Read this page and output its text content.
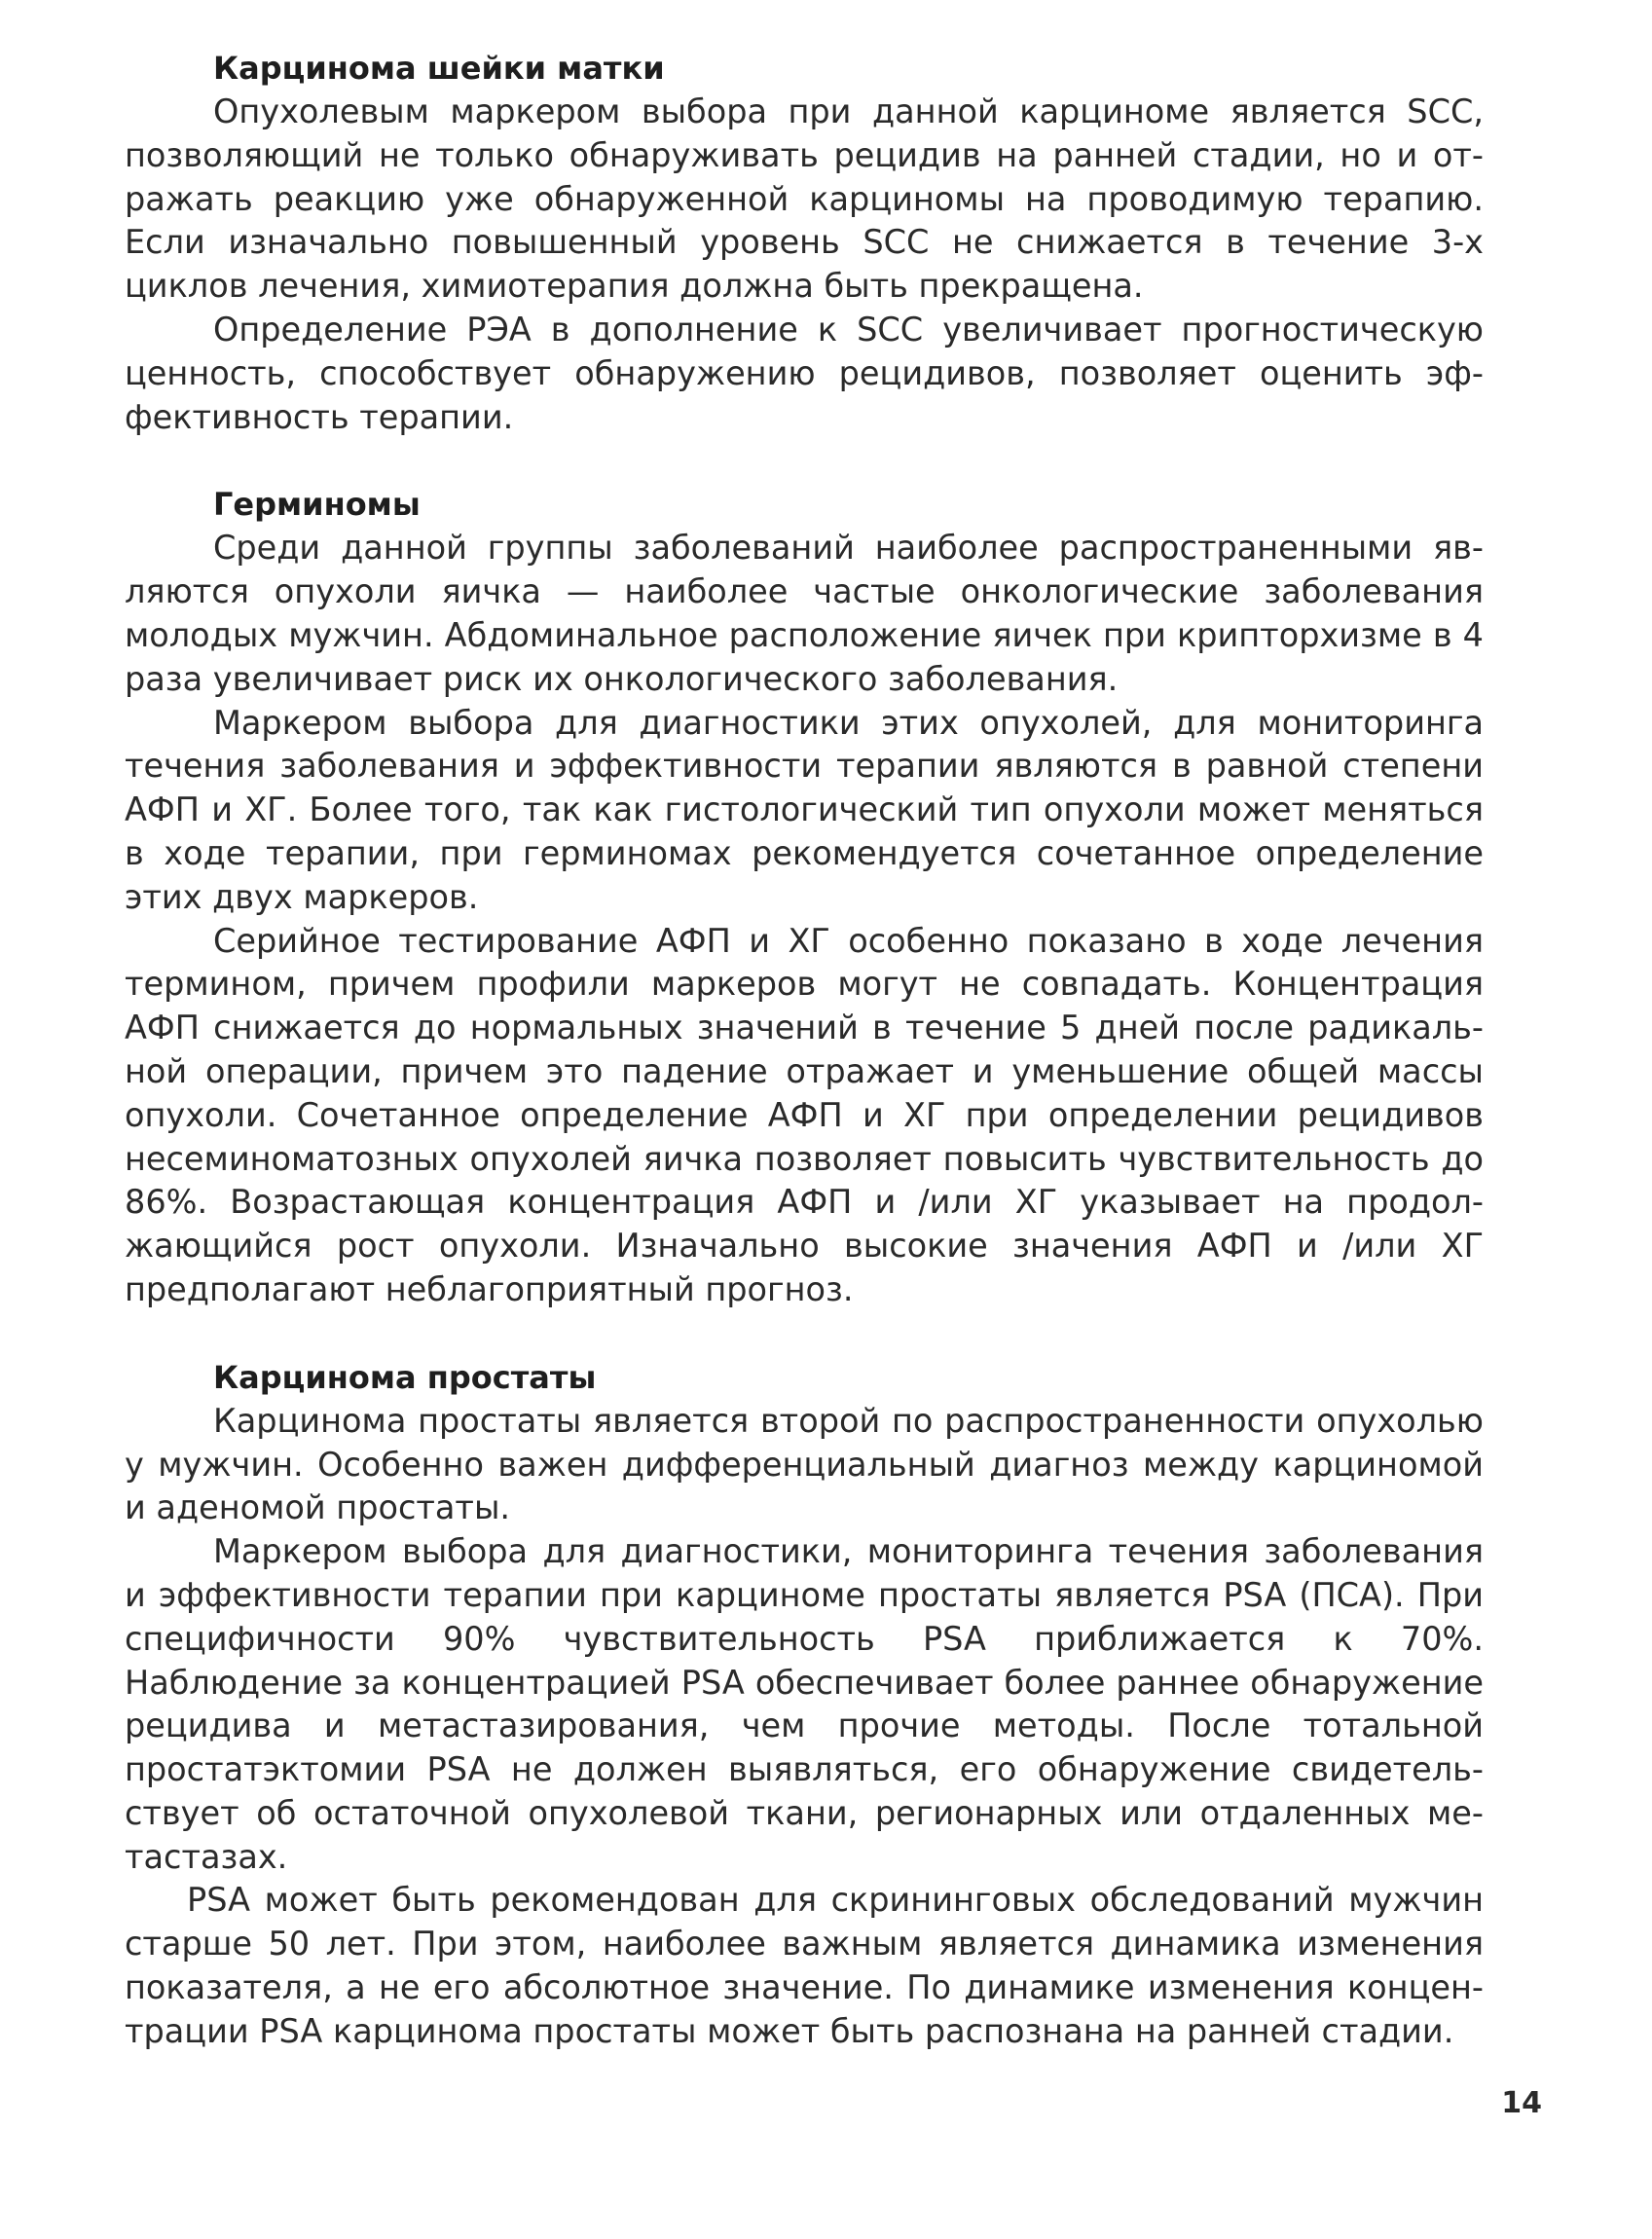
Карцинома шейки матки

Опухолевым маркером выбора при данной карциноме является SCC, позволяющий не только обнаруживать рецидив на ранней стадии, но и отражать реакцию уже обнаруженной карциномы на проводимую терапию. Если изначально повышенный уровень SCC не снижается в течение 3-х циклов лечения, химиотерапия должна быть прекращена.

Определение РЭА в дополнение к SCC увеличивает прогностическую ценность, способствует обнаружению рецидивов, позволяет оценить эффективность терапии.

Герминомы

Среди данной группы заболеваний наиболее распространенными являются опухоли яичка — наиболее частые онкологические заболевания молодых мужчин. Абдоминальное расположение яичек при крипторхизме в 4 раза увеличивает риск их онкологического заболевания.

Маркером выбора для диагностики этих опухолей, для мониторинга течения заболевания и эффективности терапии являются в равной степени АФП и ХГ. Более того, так как гистологический тип опухоли может меняться в ходе терапии, при герминомах рекомендуется сочетанное определение этих двух маркеров.

Серийное тестирование АФП и ХГ особенно показано в ходе лечения термином, причем профили маркеров могут не совпадать. Концентрация АФП снижается до нормальных значений в течение 5 дней после радикальной операции, причем это падение отражает и уменьшение общей массы опухоли. Сочетанное определение АФП и ХГ при определении рецидивов несеминоматозных опухолей яичка позволяет повысить чувствительность до 86%. Возрастающая концентрация АФП и /или ХГ указывает на продолжающийся рост опухоли. Изначально высокие значения АФП и /или ХГ предполагают неблагоприятный прогноз.

Карцинома простаты

Карцинома простаты является второй по распространенности опухолью у мужчин. Особенно важен дифференциальный диагноз между карциномой и аденомой простаты.

Маркером выбора для диагностики, мониторинга течения заболевания и эффективности терапии при карциноме простаты является PSA (ПСА). При специфичности 90% чувствительность PSA приближается к 70%. Наблюдение за концентрацией PSA обеспечивает более раннее обнаружение рецидива и метастазирования, чем прочие методы. После тотальной простатэктомии PSA не должен выявляться, его обнаружение свидетельствует об остаточной опухолевой ткани, регионарных или отдаленных метастазах.

PSA может быть рекомендован для скрининговых обследований мужчин старше 50 лет. При этом, наиболее важным является динамика изменения показателя, а не его абсолютное значение. По динамике изменения концентрации PSA карцинома простаты может быть распознана на ранней стадии.

14
